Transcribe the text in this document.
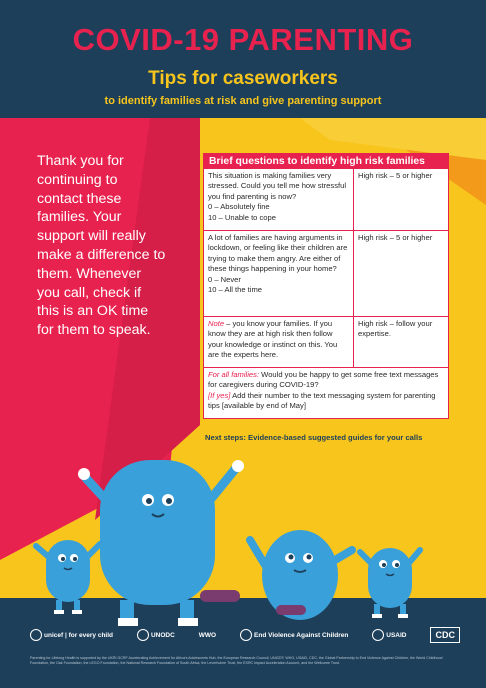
COVID-19 PARENTING
Tips for caseworkers
to identify families at risk and give parenting support
Thank you for continuing to contact these families. Your support will really make a difference to them. Whenever you call, check if this is an OK time for them to speak.
Brief questions to identify high risk families
This situation is making families very stressed. Could you tell me how stressful you find parenting is now?
0 – Absolutely fine
10 – Unable to cope
High risk – 5 or higher
A lot of families are having arguments in lockdown, or feeling like their children are trying to make them angry. Are either of these things happening in your home?
0 – Never
10 – All the time
High risk – 5 or higher
Note – you know your families. If you know they are at high risk then follow your knowledge or instinct on this. You are the experts here.
High risk – follow your expertise.
For all families: Would you be happy to get some free text messages for caregivers during COVID-19?
[If yes] Add their number to the text messaging system for parenting tips [available by end of May]
Next steps: Evidence-based suggested guides for your calls
unicef | for every child	UNODC	WWO	End Violence Against Children	USAID	CDC
Parenting for Lifelong Health is supported by the UKRI GCRF Accelerating Achievement for Africa's Adolescents Hub, the European Research Council, UNICEF, WHO, USAID, CDC, the Global Partnership to End Violence Against Children, the World Childhood Foundation, the Oak Foundation, the LEGO Foundation, the National Research Foundation of South Africa, the Leverhulme Trust, the ESRC Impact Acceleration Account, and the Wellcome Trust.
